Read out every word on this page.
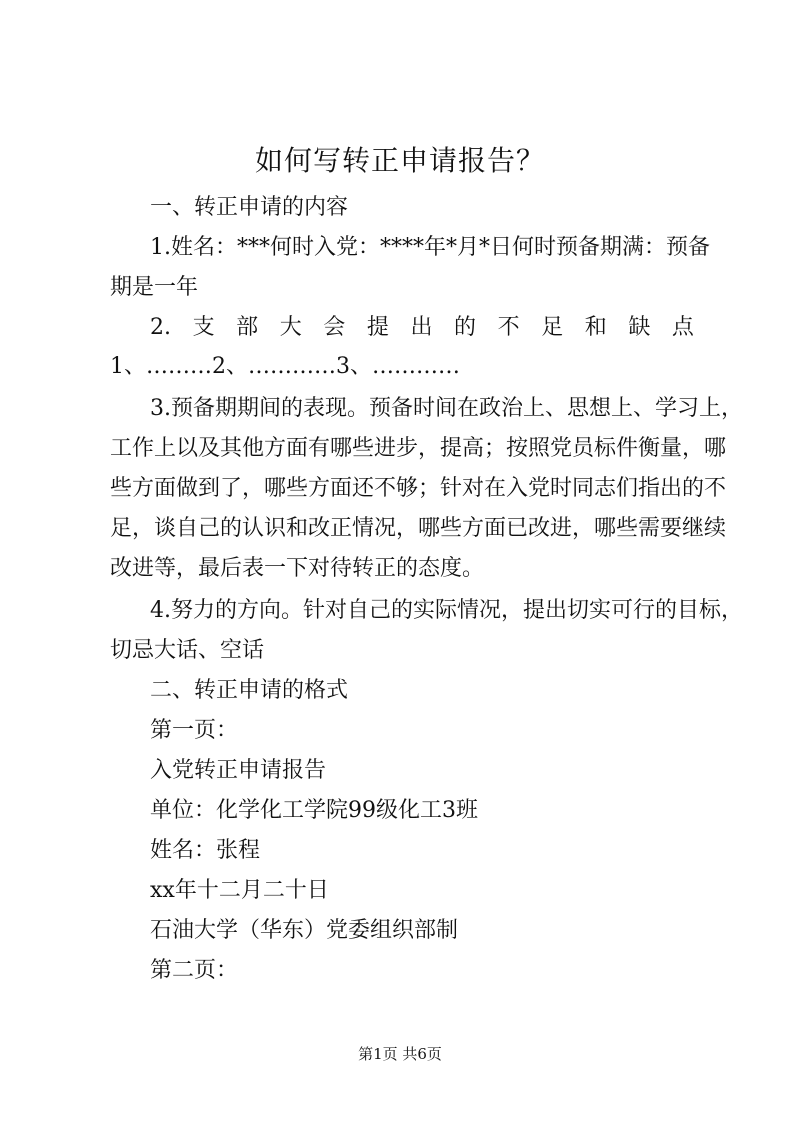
如何写转正申请报告？
一、转正申请的内容
1.姓名：***何时入党：****年*月*日何时预备期满：预备
期是一年
2. 支 部 大 会 提 出 的 不 足 和 缺 点
1、………2、…………3、…………
3.预备期期间的表现。预备时间在政治上、思想上、学习上，
工作上以及其他方面有哪些进步，提高；按照党员标件衡量，哪
些方面做到了，哪些方面还不够；针对在入党时同志们指出的不
足，谈自己的认识和改正情况，哪些方面已改进，哪些需要继续
改进等，最后表一下对待转正的态度。
4.努力的方向。针对自己的实际情况，提出切实可行的目标，
切忌大话、空话
二、转正申请的格式
第一页：
入党转正申请报告
单位：化学化工学院99级化工3班
姓名：张程
xx年十二月二十日
石油大学（华东）党委组织部制
第二页：
第1页 共6页
